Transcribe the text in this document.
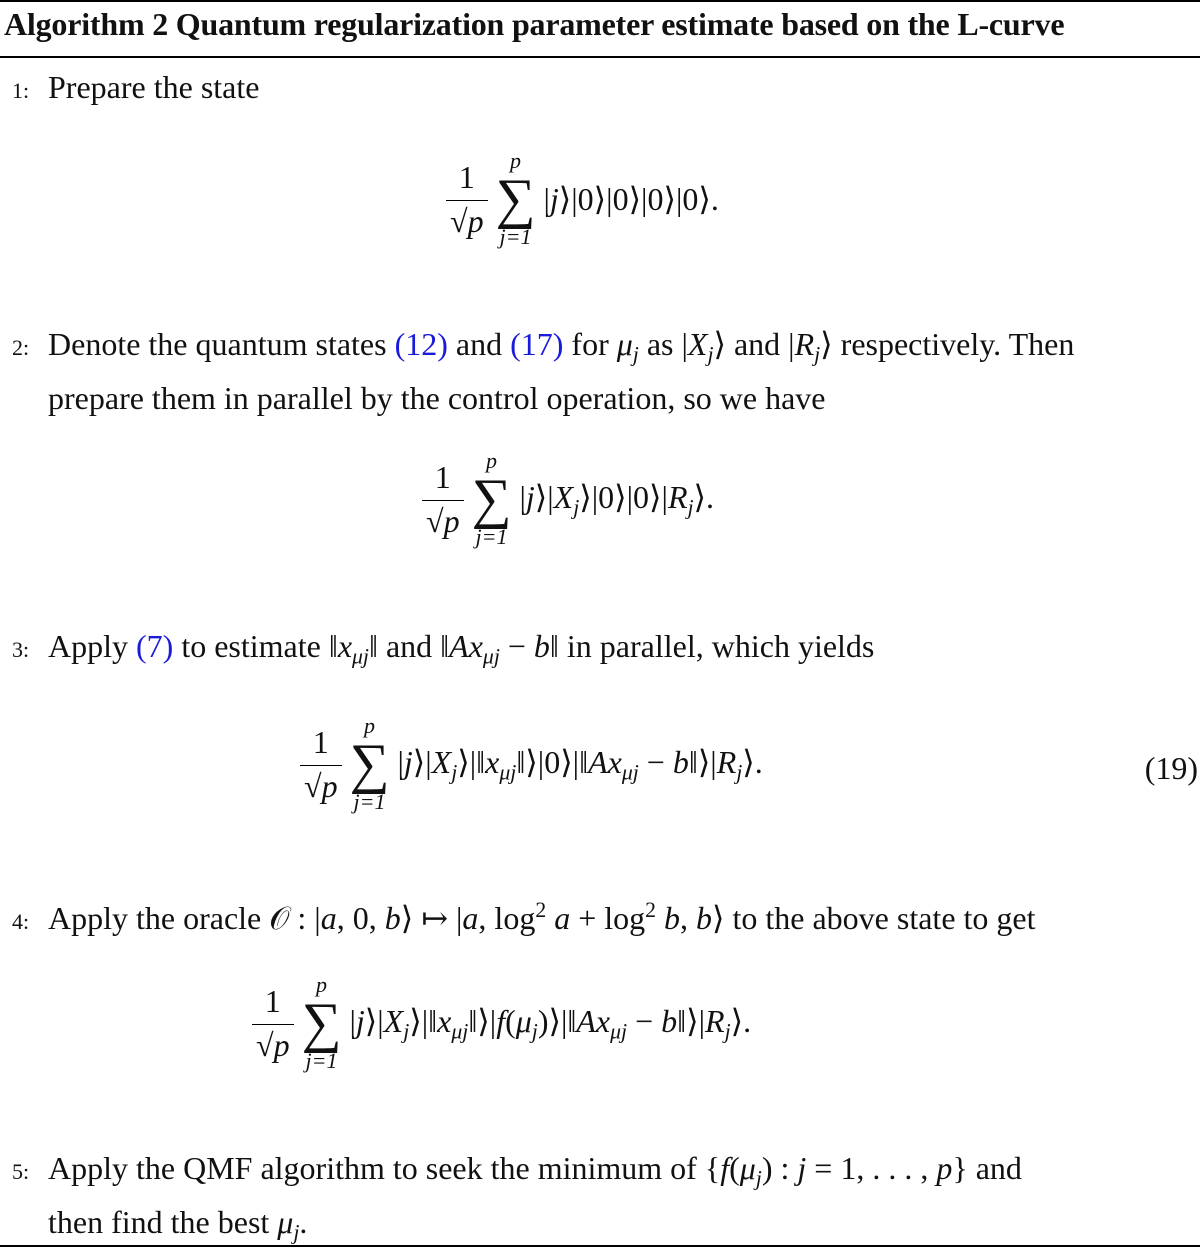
Algorithm 2 Quantum regularization parameter estimate based on the L-curve
1: Prepare the state
$\frac{1}{√p}$ p
∑
j=1
|j⟩|0⟩|0⟩|0⟩|0⟩.
2: Denote the quantum states (12) and (17) for $\mu_j$ as $|X_j⟩$ and $|R_j⟩$ respectively. Then
prepare them in parallel by the control operation, so we have
$\frac{1}{√p}$ p
∑
j=1
$|j⟩|X_j⟩|0⟩|0⟩|R_j⟩$.
3: Apply (7) to estimate $‖x_{\mu j}‖$ and $‖Ax_{\mu j}$ − b‖ in parallel, which yields
$\frac{1}{√p}$ p
∑
j=1
$|j⟩|X_j⟩|‖x_{\mu j}‖⟩|0⟩|‖Ax_{\mu j}$ − $b‖⟩|R_j⟩$.	(19)
4: Apply the oracle 𝒪 : |a, 0, b⟩ ↦ |a, $\log^2 a + \log^2 b$, b⟩ to the above state to get
$\frac{1}{√p}$ p
∑
j=1
$|j⟩|X_j⟩|‖x_{\mu j}‖⟩|f(\mu_j)⟩|‖Ax_{\mu j}$ − $b‖⟩|R_j⟩$.
5: Apply the QMF algorithm to seek the minimum of {$f(\mu_j)$ : j = 1, . . . , p} and
then find the best $\mu_j$.
